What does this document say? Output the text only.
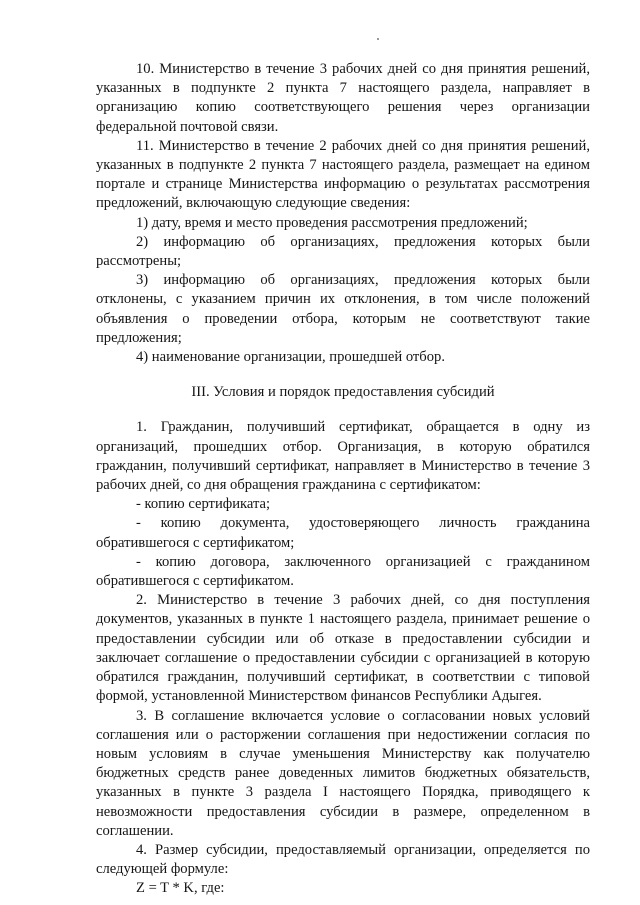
10. Министерство в течение 3 рабочих дней со дня принятия решений, указанных в подпункте 2 пункта 7 настоящего раздела, направляет в организацию копию соответствующего решения через организации федеральной почтовой связи.

11. Министерство в течение 2 рабочих дней со дня принятия решений, указанных в подпункте 2 пункта 7 настоящего раздела, размещает на едином портале и странице Министерства информацию о результатах рассмотрения предложений, включающую следующие сведения:

1) дату, время и место проведения рассмотрения предложений;

2) информацию об организациях, предложения которых были рассмотрены;

3) информацию об организациях, предложения которых были отклонены, с указанием причин их отклонения, в том числе положений объявления о проведении отбора, которым не соответствуют такие предложения;

4) наименование организации, прошедшей отбор.

III. Условия и порядок предоставления субсидий

1. Гражданин, получивший сертификат, обращается в одну из организаций, прошедших отбор. Организация, в которую обратился гражданин, получивший сертификат, направляет в Министерство в течение 3 рабочих дней, со дня обращения гражданина с сертификатом:

- копию сертификата;

- копию документа, удостоверяющего личность гражданина обратившегося с сертификатом;

- копию договора, заключенного организацией с гражданином обратившегося с сертификатом.

2. Министерство в течение 3 рабочих дней, со дня поступления документов, указанных в пункте 1 настоящего раздела, принимает решение о предоставлении субсидии или об отказе в предоставлении субсидии и заключает соглашение о предоставлении субсидии с организацией в которую обратился гражданин, получивший сертификат, в соответствии с типовой формой, установленной Министерством финансов Республики Адыгея.

3. В соглашение включается условие о согласовании новых условий соглашения или о расторжении соглашения при недостижении согласия по новым условиям в случае уменьшения Министерству как получателю бюджетных средств ранее доведенных лимитов бюджетных обязательств, указанных в пункте 3 раздела I настоящего Порядка, приводящего к невозможности предоставления субсидии в размере, определенном в соглашении.

4. Размер субсидии, предоставляемый организации, определяется по следующей формуле:

Z = T * K, где:
